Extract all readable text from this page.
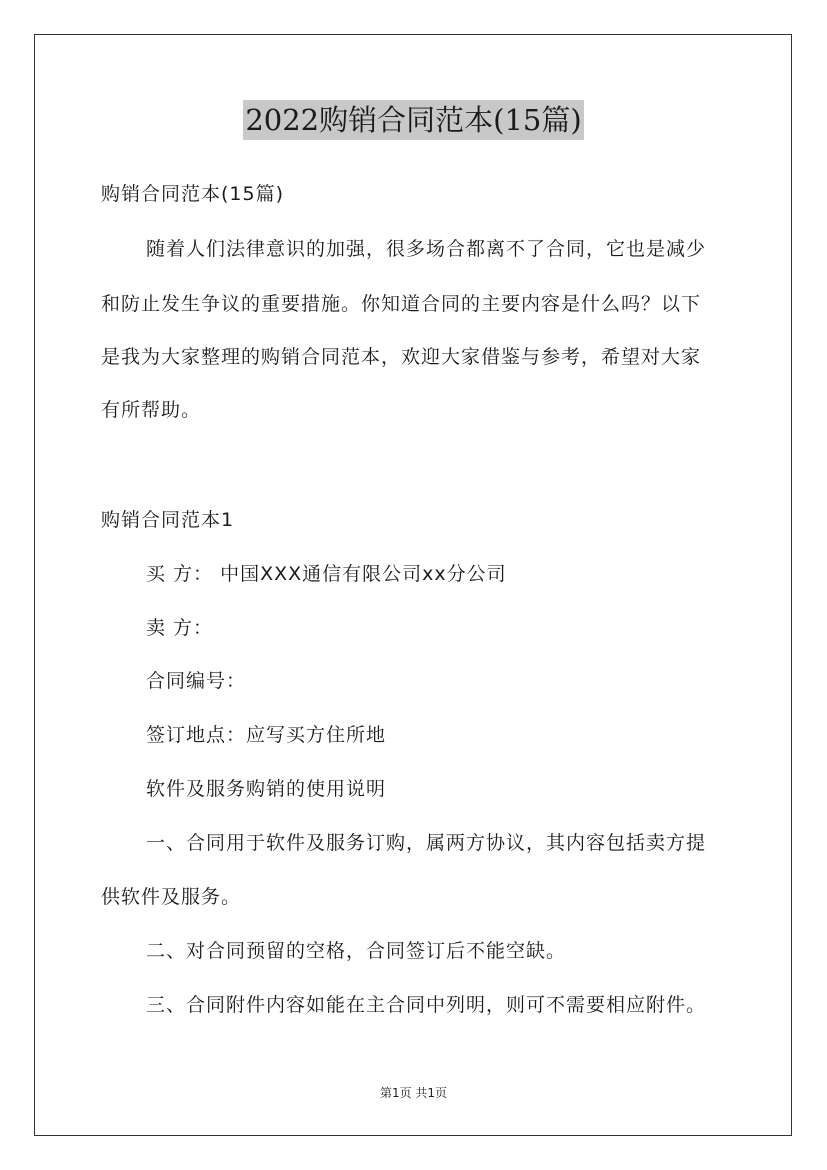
2022购销合同范本(15篇)
购销合同范本(15篇)
随着人们法律意识的加强，很多场合都离不了合同，它也是减少
和防止发生争议的重要措施。你知道合同的主要内容是什么吗？以下
是我为大家整理的购销合同范本，欢迎大家借鉴与参考，希望对大家
有所帮助。
购销合同范本1
买 方： 中国XXX通信有限公司xx分公司
卖 方：
合同编号：
签订地点：应写买方住所地
软件及服务购销的使用说明
一、合同用于软件及服务订购，属两方协议，其内容包括卖方提
供软件及服务。
二、对合同预留的空格，合同签订后不能空缺。
三、合同附件内容如能在主合同中列明，则可不需要相应附件。
第1页 共1页
